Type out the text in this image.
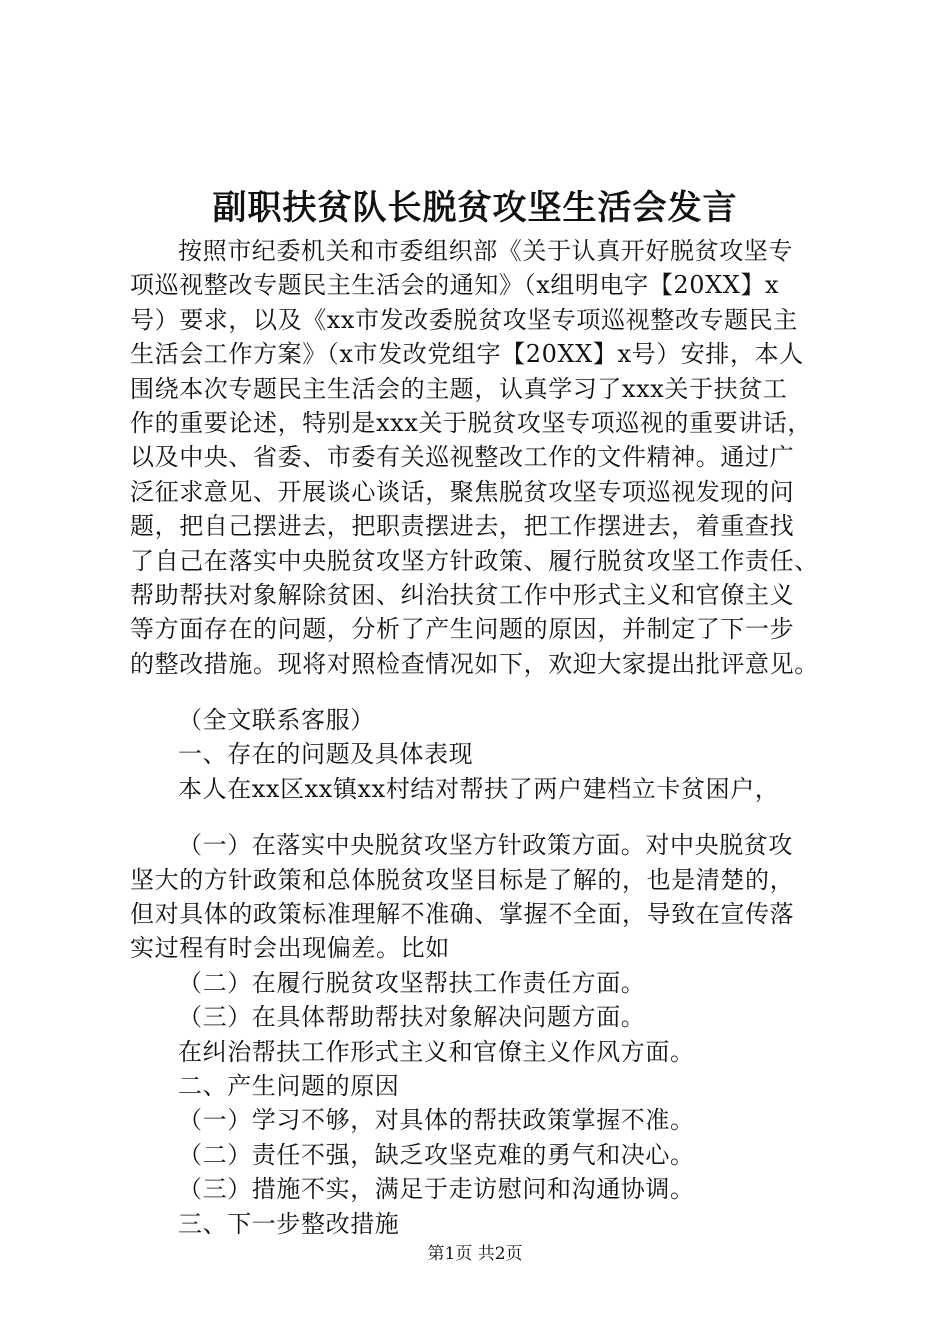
副职扶贫队长脱贫攻坚生活会发言
按照市纪委机关和市委组织部《关于认真开好脱贫攻坚专
项巡视整改专题民主生活会的通知》（x组明电字【20XX】x
号）要求，以及《xx市发改委脱贫攻坚专项巡视整改专题民主
生活会工作方案》（x市发改党组字【20XX】x号）安排，本人
围绕本次专题民主生活会的主题，认真学习了xxx关于扶贫工
作的重要论述，特别是xxx关于脱贫攻坚专项巡视的重要讲话，
以及中央、省委、市委有关巡视整改工作的文件精神。通过广
泛征求意见、开展谈心谈话，聚焦脱贫攻坚专项巡视发现的问
题，把自己摆进去，把职责摆进去，把工作摆进去，着重查找
了自己在落实中央脱贫攻坚方针政策、履行脱贫攻坚工作责任、
帮助帮扶对象解除贫困、纠治扶贫工作中形式主义和官僚主义
等方面存在的问题，分析了产生问题的原因，并制定了下一步
的整改措施。现将对照检查情况如下，欢迎大家提出批评意见。
（全文联系客服）
一、存在的问题及具体表现
本人在xx区xx镇xx村结对帮扶了两户建档立卡贫困户，
（一）在落实中央脱贫攻坚方针政策方面。对中央脱贫攻
坚大的方针政策和总体脱贫攻坚目标是了解的，也是清楚的，
但对具体的政策标准理解不准确、掌握不全面，导致在宣传落
实过程有时会出现偏差。比如
（二）在履行脱贫攻坚帮扶工作责任方面。
（三）在具体帮助帮扶对象解决问题方面。
在纠治帮扶工作形式主义和官僚主义作风方面。
二、产生问题的原因
（一）学习不够，对具体的帮扶政策掌握不准。
（二）责任不强，缺乏攻坚克难的勇气和决心。
（三）措施不实，满足于走访慰问和沟通协调。
三、下一步整改措施
第1页 共2页
